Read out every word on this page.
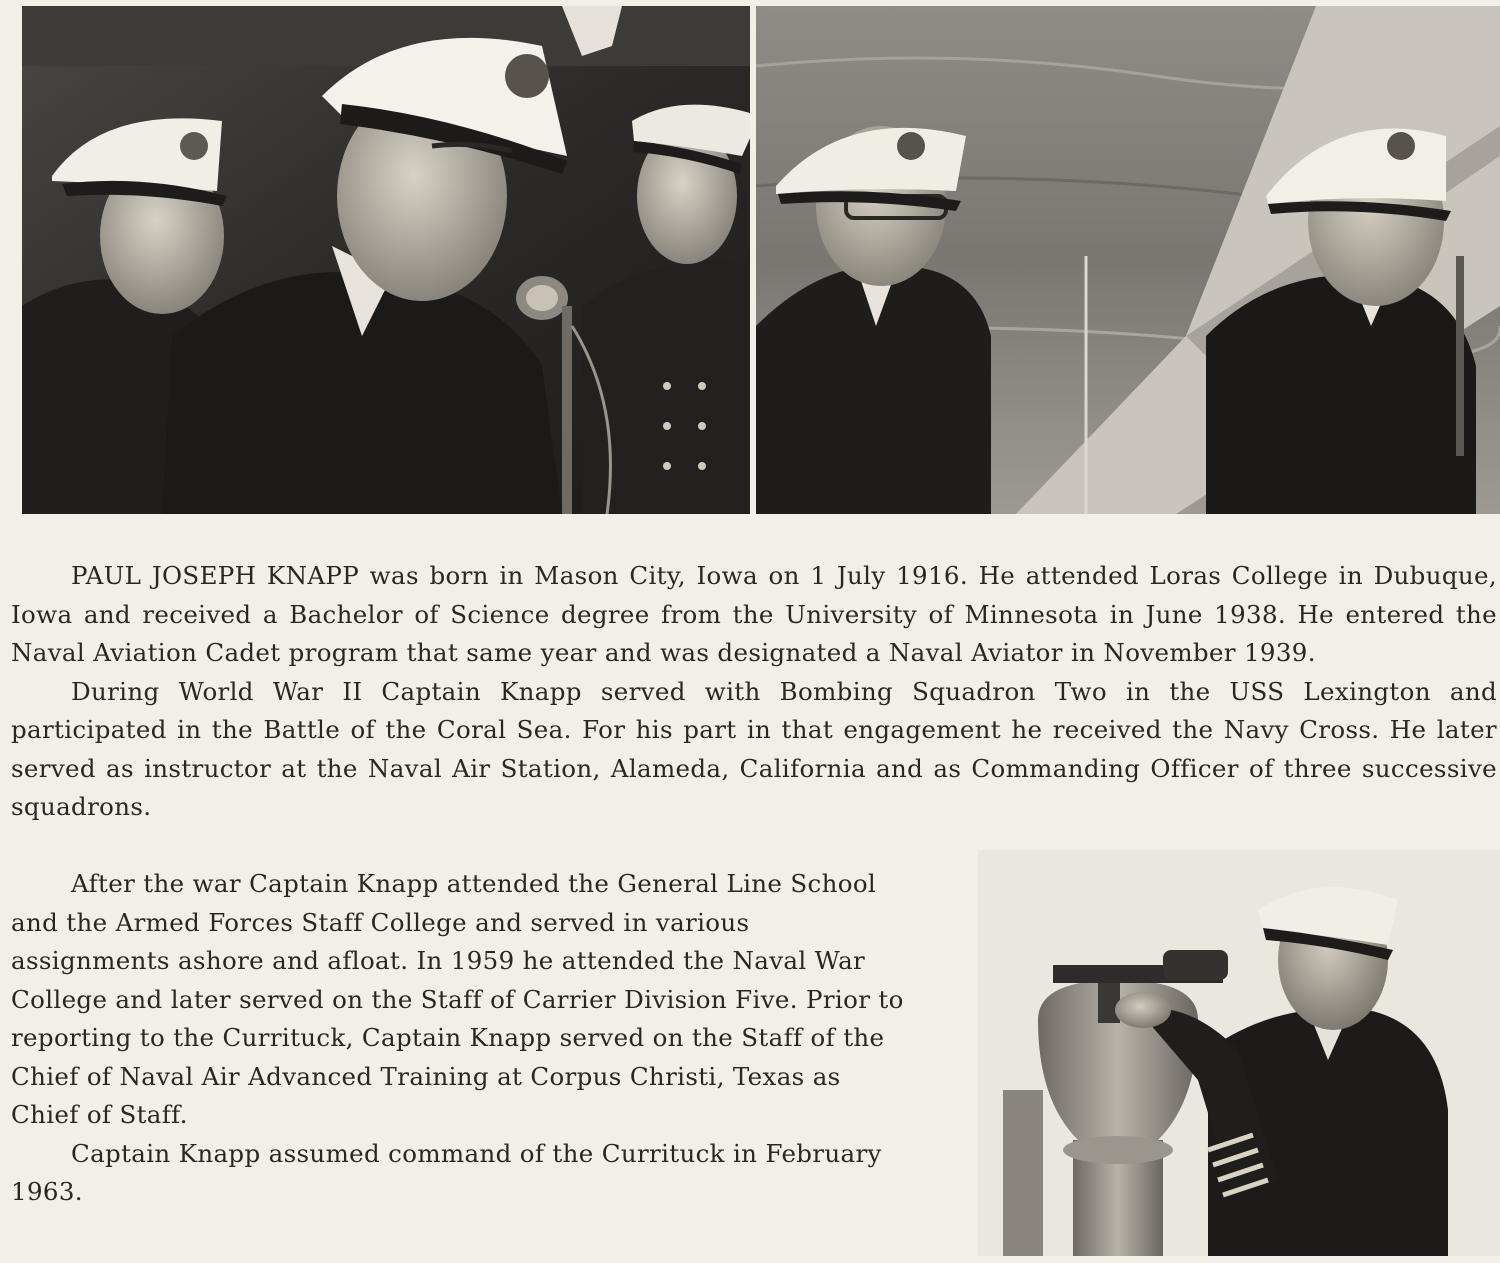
PAUL JOSEPH KNAPP was born in Mason City, Iowa on 1 July 1916. He attended Loras College in Dubuque, Iowa and received a Bachelor of Science degree from the University of Minnesota in June 1938. He entered the Naval Aviation Cadet program that same year and was designated a Naval Aviator in November 1939.

During World War II Captain Knapp served with Bombing Squadron Two in the USS Lexington and participated in the Battle of the Coral Sea. For his part in that engagement he received the Navy Cross. He later served as instructor at the Naval Air Station, Alameda, California and as Commanding Officer of three successive squadrons.

After the war Captain Knapp attended the General Line School and the Armed Forces Staff College and served in various assignments ashore and afloat. In 1959 he attended the Naval War College and later served on the Staff of Carrier Division Five. Prior to reporting to the Currituck, Captain Knapp served on the Staff of the Chief of Naval Air Advanced Training at Corpus Christi, Texas as Chief of Staff.

Captain Knapp assumed command of the Currituck in February 1963.
